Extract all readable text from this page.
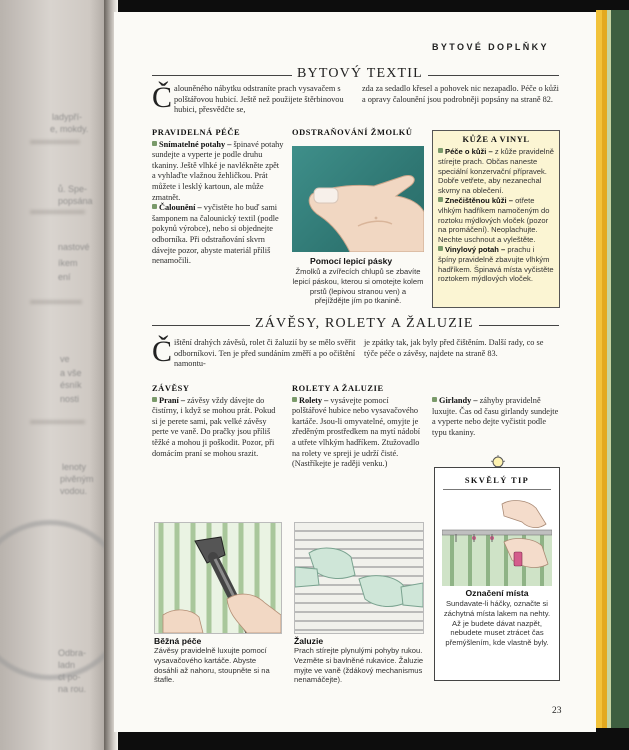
ladypří-
e, mokdy.
ů. Spe-
popsána
nastové
íkem
ení
ve
a vše
ésník
nosti
lenoty
pivěným
vodou.
Odbra-
ladn
ct po-
na rou.
BYTOVÉ DOPLŇKY
BYTOVÝ TEXTIL
Č alouněného nábytku odstraníte prach vysavačem s polštářovou hubicí. Ještě než použijete štěrbinovou hubici, přesvědčte se,
zda za sedadlo křesel a pohovek nic nezapadlo. Péče o kůži a opravy čalounění jsou podrobněji popsány na straně 82.
PRAVIDELNÁ PÉČE

Snímatelné potahy – špinavé potahy sundejte a vyperte je podle druhu tkaniny. Ještě vlhké je navlékněte zpět a vyhlaďte vlažnou žehličkou. Prát můžete i lesklý kartoun, ale může zmatnět.

Čalounění – vyčistěte ho buď sami šamponem na čalounický textil (podle pokynů výrobce), nebo si objednejte odborníka. Při odstraňování skvrn dávejte pozor, abyste materiál příliš nenamočili.

ODSTRAŇOVÁNÍ ŽMOLKŮ
Pomocí lepicí pásky
Žmolků a zvířecích chlupů se zbavíte lepicí páskou, kterou si omotejte kolem prstů (lepivou stranou ven) a přejíždějte jím po tkanině.
KŮŽE A VINYL

Péče o kůži – z kůže pravidelně stírejte prach. Občas naneste speciální konzervační přípravek. Dobře vetřete, aby nezanechal skvrny na oblečení.

Znečištěnou kůži – otřete vlhkým hadříkem namočeným do roztoku mýdlových vloček (pozor na promáčení). Neoplachujte. Nechte uschnout a vyleštěte.

Vinylový potah – prachu i špíny pravidelně zbavujte vlhkým hadříkem. Špinavá místa vyčistěte roztokem mýdlových vloček.

ZÁVĚSY, ROLETY A ŽALUZIE
Č ištění drahých závěsů, rolet či žaluzií by se mělo svěřit odborníkovi. Ten je před sundáním změří a po očištění namontu-
je zpátky tak, jak byly před čištěním. Další rady, co se týče péče o závěsy, najdete na straně 83.
ZÁVĚSY

Praní – závěsy vždy dávejte do čistírny, i když se mohou prát. Pokud si je perete sami, pak velké závěsy perte ve vaně. Do pračky jsou příliš těžké a mohou ji poškodit. Pozor, při domácím praní se mohou srazit.

ROLETY A ŽALUZIE

Rolety – vysávejte pomocí polštářové hubice nebo vysavačového kartáče. Jsou-li omyvatelné, omyjte je zředěným prostředkem na mytí nádobí a utřete vlhkým hadříkem. Ztužovadlo na rolety ve spreji je udrží čisté. (Nastříkejte je raději venku.)

Girlandy – záhyby pravidelně luxujte. Čas od času girlandy sundejte a vyperte nebo dejte vyčistit podle typu tkaniny.

SKVĚLÝ TIP
Označení místa
Sundavate-li háčky, označte si záchytná místa lakem na nehty. Až je budete dávat nazpět, nebudete muset ztrácet čas přemýšlením, kde vlastně byly.
Běžná péče
Závěsy pravidelně luxujte pomocí vysavačového kartáče. Abyste dosáhli až nahoru, stoupněte si na štafle.
Žaluzie
Prach stírejte plynulými pohyby rukou. Vezměte si bavlněné rukavice. Žaluzie myjte ve vaně (ždákový mechanismus nenamáčejte).
23
